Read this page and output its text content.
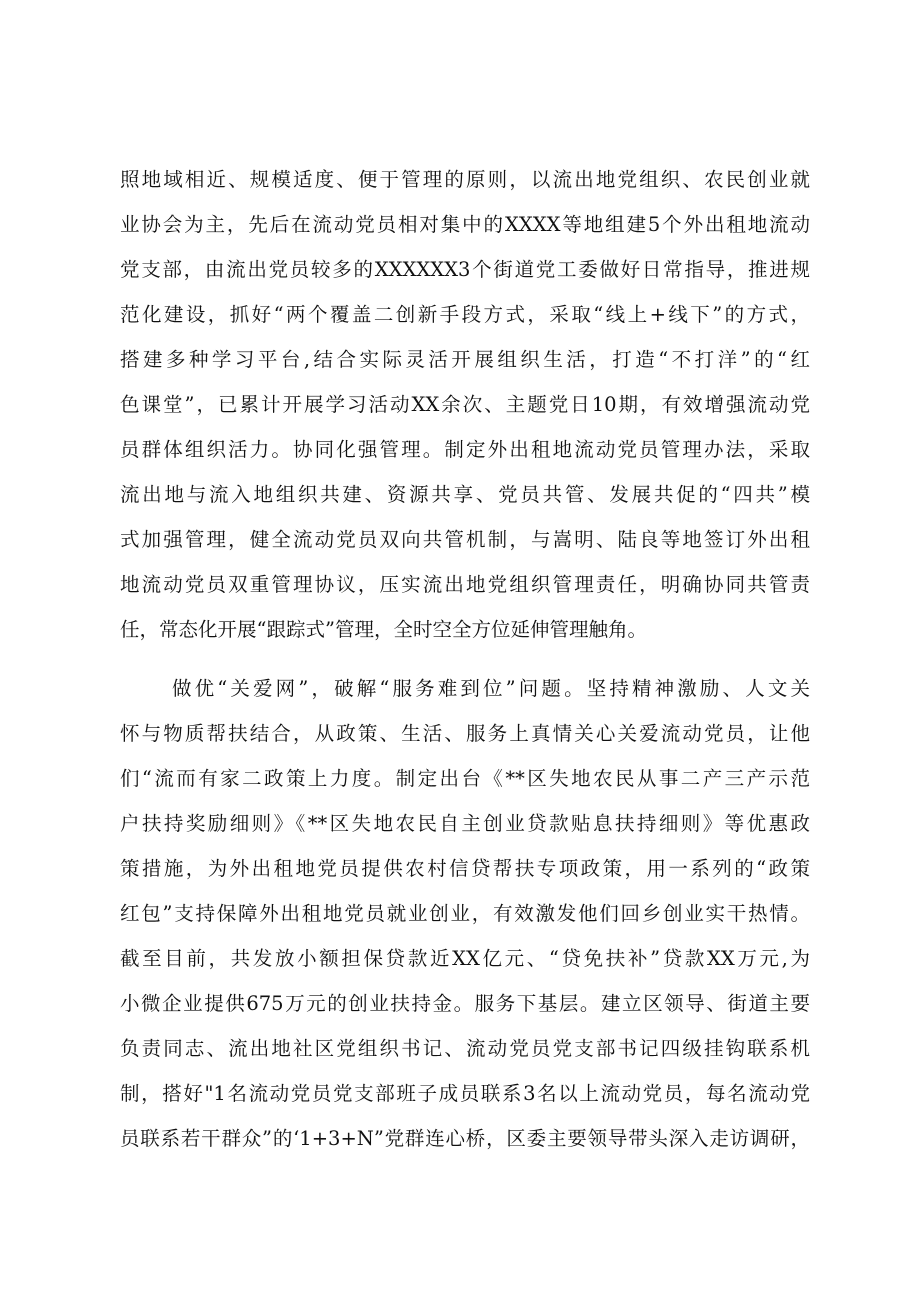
照地域相近、规模适度、便于管理的原则，以流出地党组织、农民创业就
业协会为主，先后在流动党员相对集中的XXXX等地组建5个外出租地流动
党支部，由流出党员较多的XXXXXX3个街道党工委做好日常指导，推进规
范化建设，抓好“两个覆盖二创新手段方式，采取“线上+线下”的方式，
搭建多种学习平台,结合实际灵活开展组织生活，打造“不打洋”的“红
色课堂”，已累计开展学习活动XX余次、主题党日10期，有效增强流动党
员群体组织活力。协同化强管理。制定外出租地流动党员管理办法，采取
流出地与流入地组织共建、资源共享、党员共管、发展共促的“四共”模
式加强管理，健全流动党员双向共管机制，与嵩明、陆良等地签订外出租
地流动党员双重管理协议，压实流出地党组织管理责任，明确协同共管责
任，常态化开展“跟踪式”管理，全时空全方位延伸管理触角。
做优“关爱网”，破解“服务难到位”问题。坚持精神激励、人文关
怀与物质帮扶结合，从政策、生活、服务上真情关心关爱流动党员，让他
们“流而有家二政策上力度。制定出台《**区失地农民从事二产三产示范
户扶持奖励细则》《**区失地农民自主创业贷款贴息扶持细则》等优惠政
策措施，为外出租地党员提供农村信贷帮扶专项政策，用一系列的“政策
红包”支持保障外出租地党员就业创业，有效激发他们回乡创业实干热情。
截至目前，共发放小额担保贷款近XX亿元、“贷免扶补”贷款XX万元,为
小微企业提供675万元的创业扶持金。服务下基层。建立区领导、街道主要
负责同志、流出地社区党组织书记、流动党员党支部书记四级挂钩联系机
制，搭好"1名流动党员党支部班子成员联系3名以上流动党员，每名流动党
员联系若干群众”的‘1+3+N”党群连心桥，区委主要领导带头深入走访调研，
